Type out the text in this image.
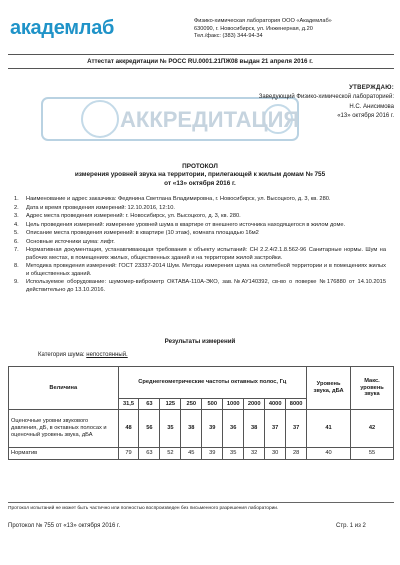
академлаб	Физико-химическая лаборатория ООО «Академлаб»
630090, г. Новосибирск, ул. Инженерная, д.20
Тел./факс: (383) 344-94-34
Аттестат аккредитации № РОСС RU.0001.21ПЖ08 выдан 21 апреля 2016 г.
АККРЕДИТАЦИЯ
УТВЕРЖДАЮ:
Заведующий Физико-химической лабораторией:
Н.С. Анисимова
«13» октября 2016 г.
ПРОТОКОЛ
измерения уровней звука на территории, прилегающей к жилым домам № 755
от «13» октября 2016 г.
1. Наименование и адрес заказчика: Федянина Светлана Владимировна, г. Новосибирск, ул. Высоцкого, д. 3, кв. 280.
2. Дата и время проведения измерений: 12.10.2016, 12:10.
3. Адрес места проведения измерений: г. Новосибирск, ул. Высоцкого, д. 3, кв. 280.
4. Цель проведения измерений: измерение уровней шума в квартире от внешнего источника находящегося в жилом доме.
5. Описание места проведения измерений: в квартире (10 этаж), комната площадью 16м2
6. Основные источники шума: лифт.
7. Нормативная документация, устанавливающая требования к объекту испытаний: СН 2.2.4/2.1.8.562-96 Санитарные нормы. Шум на рабочих местах, в помещениях жилых, общественных зданий и на территории жилой застройки.
8. Методика проведения измерений: ГОСТ 23337-2014 Шум. Методы измерения шума на селитебной территории и в помещениях жилых и общественных зданий.
9. Используемое оборудование: шумомер-виброметр ОКТАВА-110А-ЭКО, зав.№АУ140392, св-во о поверке №176880 от 14.10.2015 действительно до 13.10.2016.
Результаты измерений
Категория шума: непостоянный.
Величина	Среднегеометрические частоты октавных полос, Гц									Уровень звука, дБА	Макс. уровень звука
	31,5	63	125	250	500	1000	2000	4000	8000		
Оценочные уровни звукового давления, дБ, в октавных полосах и оценочный уровень звука, дБА	48	56	35	38	39	36	38	37	37	41	42
Норматив	79	63	52	45	39	35	32	30	28	40	55
Протокол испытаний не может быть частично или полностью воспроизведен без письменного разрешения лаборатории.
Протокол № 755 от «13» октября 2016 г.	Стр. 1 из 2
